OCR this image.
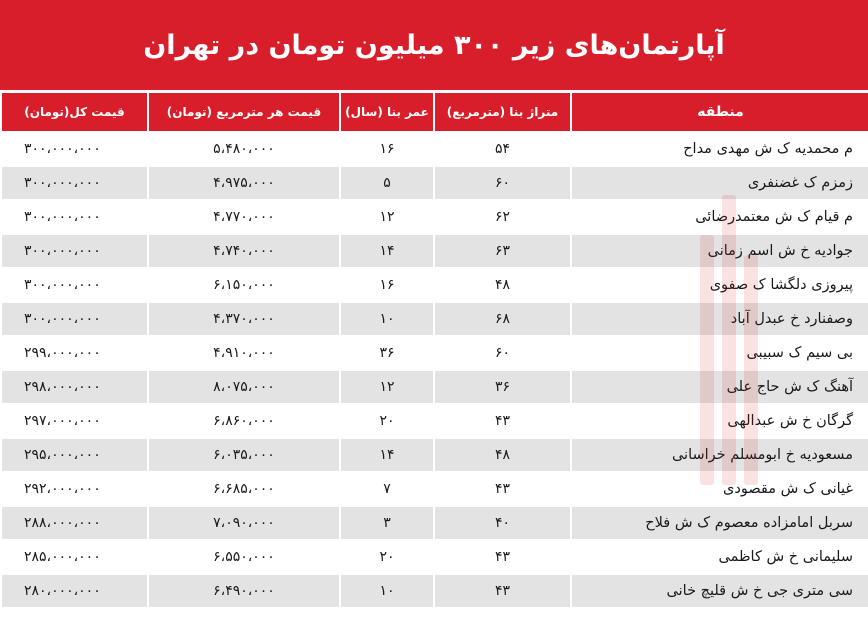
آپارتمان‌های زیر ۳۰۰ میلیون تومان در تهران
منطقه	متراژ بنا (مترمربع)	عمر بنا (سال)	قیمت هر مترمربع (تومان)	قیمت کل(تومان)
م محمدیه ک ش مهدی مداح	۵۴	۱۶	۵،۴۸۰،۰۰۰	۳۰۰،۰۰۰،۰۰۰
زمزم ک غضنفری	۶۰	۵	۴،۹۷۵،۰۰۰	۳۰۰،۰۰۰،۰۰۰
م قیام ک ش معتمدرضائی	۶۲	۱۲	۴،۷۷۰،۰۰۰	۳۰۰،۰۰۰،۰۰۰
جوادیه خ ش اسم زمانی	۶۳	۱۴	۴،۷۴۰،۰۰۰	۳۰۰،۰۰۰،۰۰۰
پیروزی دلگشا ک صفوی	۴۸	۱۶	۶،۱۵۰،۰۰۰	۳۰۰،۰۰۰،۰۰۰
وصفنارد خ عبدل آباد	۶۸	۱۰	۴،۳۷۰،۰۰۰	۳۰۰،۰۰۰،۰۰۰
بی سیم ک سبیبی	۶۰	۳۶	۴،۹۱۰،۰۰۰	۲۹۹،۰۰۰،۰۰۰
آهنگ ک ش حاج علی	۳۶	۱۲	۸،۰۷۵،۰۰۰	۲۹۸،۰۰۰،۰۰۰
گرگان خ ش عبدالهی	۴۳	۲۰	۶،۸۶۰،۰۰۰	۲۹۷،۰۰۰،۰۰۰
مسعودیه خ ابومسلم خراسانی	۴۸	۱۴	۶،۰۳۵،۰۰۰	۲۹۵،۰۰۰،۰۰۰
غیانی ک ش مقصودی	۴۳	۷	۶،۶۸۵،۰۰۰	۲۹۲،۰۰۰،۰۰۰
سربل امامزاده معصوم ک ش فلاح	۴۰	۳	۷،۰۹۰،۰۰۰	۲۸۸،۰۰۰،۰۰۰
سلیمانی خ ش کاظمی	۴۳	۲۰	۶،۵۵۰،۰۰۰	۲۸۵،۰۰۰،۰۰۰
سی متری جی خ ش قلیچ خانی	۴۳	۱۰	۶،۴۹۰،۰۰۰	۲۸۰،۰۰۰،۰۰۰
